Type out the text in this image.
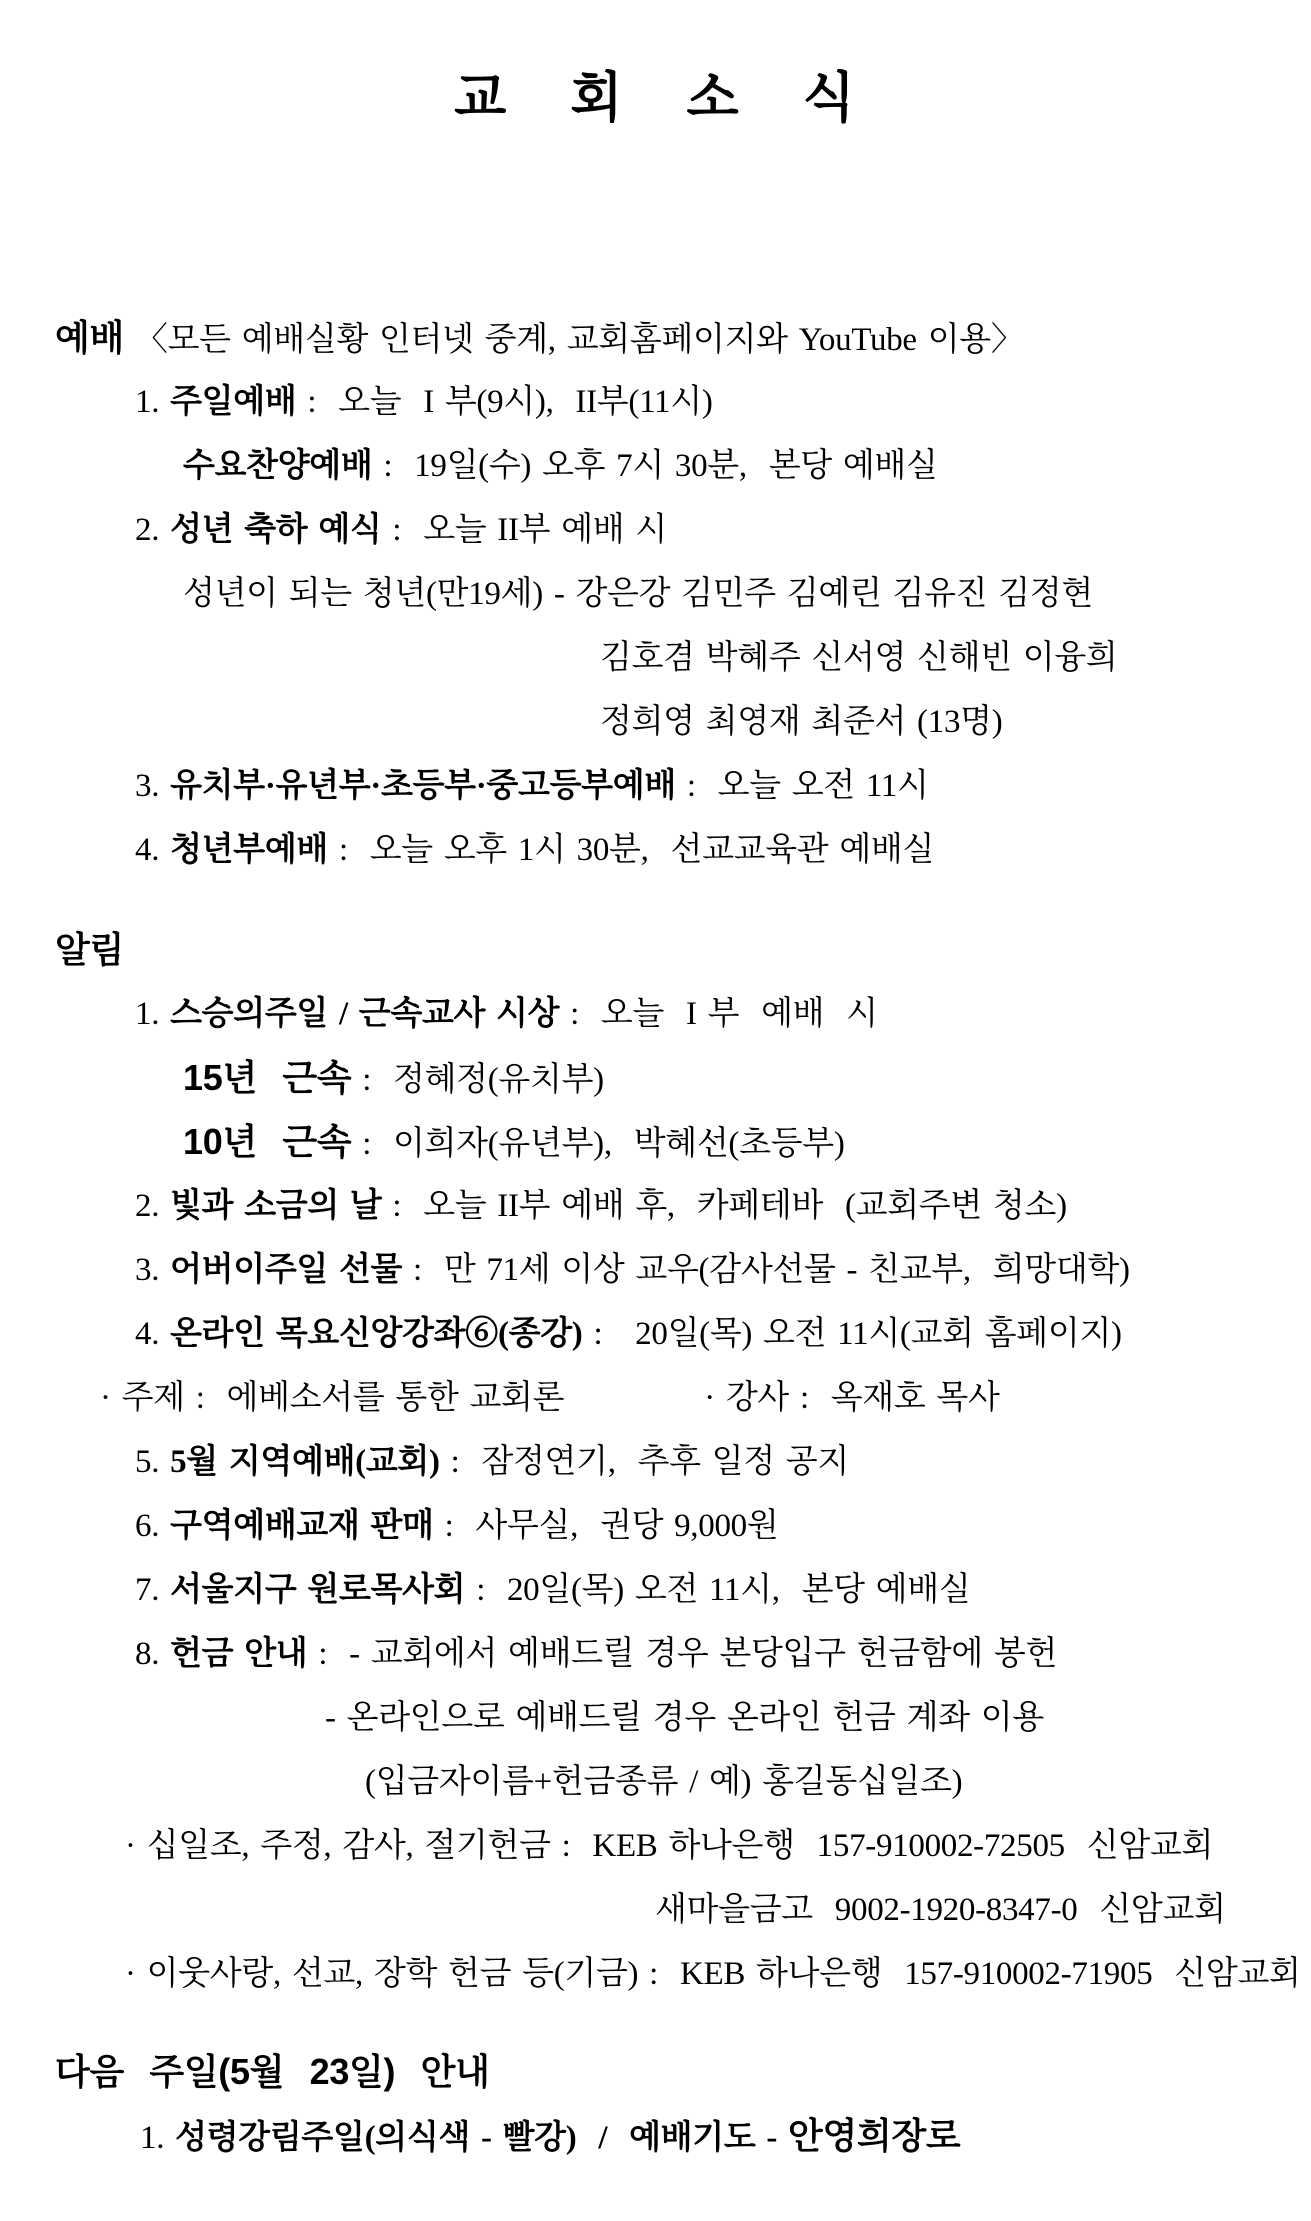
교    회    소    식
예배 〈모든 예배실황 인터넷 중계, 교회홈페이지와 YouTube 이용〉
1. 주일예배 :  오늘  I 부(9시),  II부(11시)
수요찬양예배 :  19일(수) 오후 7시 30분,  본당 예배실
2. 성년 축하 예식 :  오늘 II부 예배 시
성년이 되는 청년(만19세) - 강은강 김민주 김예린 김유진 김정현
김호겸 박혜주 신서영 신해빈 이융희
정희영 최영재 최준서 (13명)
3. 유치부·유년부·초등부·중고등부예배 :  오늘 오전 11시
4. 청년부예배 :  오늘 오후 1시 30분,  선교교육관 예배실
알림
1. 스승의주일 / 근속교사 시상 :  오늘  I 부  예배  시
15년  근속 :  정혜정(유치부)
10년  근속 :  이희자(유년부),  박혜선(초등부)
2. 빛과 소금의 날 :  오늘 II부 예배 후,  카페테바  (교회주변 청소)
3. 어버이주일 선물 :  만 71세 이상 교우(감사선물 - 친교부,  희망대학)
4. 온라인 목요신앙강좌⑥(종강) :   20일(목) 오전 11시(교회 홈페이지)
· 주제 :  에베소서를 통한 교회론	· 강사 :  옥재호 목사
5. 5월 지역예배(교회) :  잠정연기,  추후 일정 공지
6. 구역예배교재 판매 :  사무실,  권당 9,000원
7. 서울지구 원로목사회 :  20일(목) 오전 11시,  본당 예배실
8. 헌금 안내 :  - 교회에서 예배드릴 경우 본당입구 헌금함에 봉헌
- 온라인으로 예배드릴 경우 온라인 헌금 계좌 이용
(입금자이름+헌금종류 / 예) 홍길동십일조)
· 십일조, 주정, 감사, 절기헌금 :  KEB 하나은행  157-910002-72505  신암교회
새마을금고  9002-1920-8347-0  신암교회
· 이웃사랑, 선교, 장학 헌금 등(기금) :  KEB 하나은행  157-910002-71905  신암교회
다음  주일(5월  23일)  안내
1. 성령강림주일(의식색 - 빨강)  /  예배기도 - 안영희장로
